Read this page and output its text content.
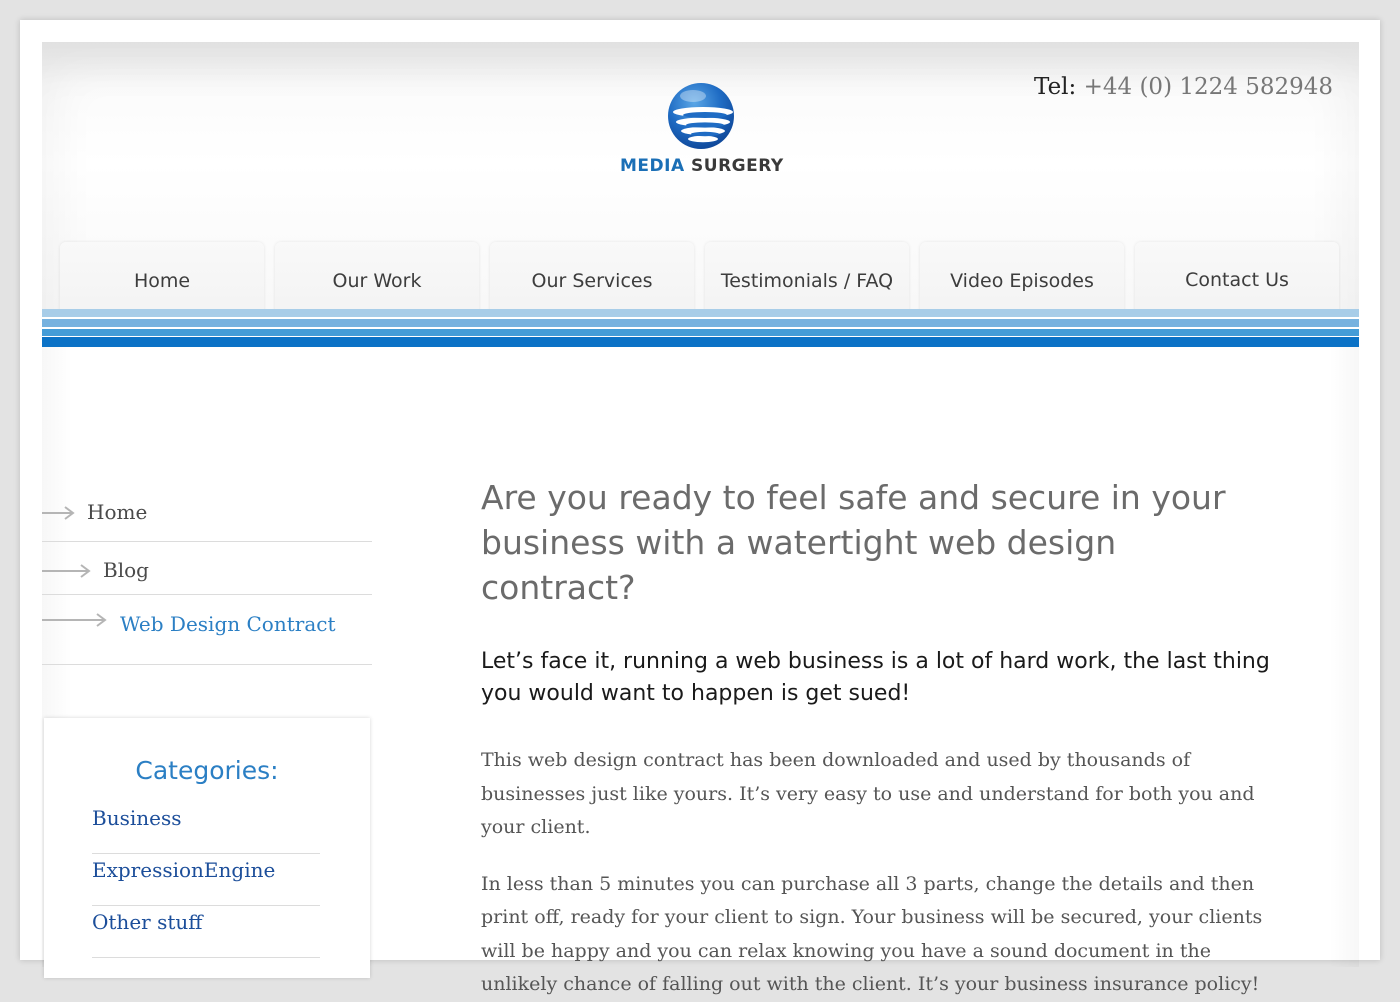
Tel: +44 (0) 1224 582948
MEDIA SURGERY
Home	Our Work	Our Services	Testimonials / FAQ	Video Episodes	Contact Us
Home
Blog
Web Design Contract
Categories:
Business
ExpressionEngine
Other stuff
Are you ready to feel safe and secure in your business with a watertight web design contract?

Let’s face it, running a web business is a lot of hard work, the last thing you would want to happen is get sued!

This web design contract has been downloaded and used by thousands of businesses just like yours. It’s very easy to use and understand for both you and your client.

In less than 5 minutes you can purchase all 3 parts, change the details and then print off, ready for your client to sign. Your business will be secured, your clients will be happy and you can relax knowing you have a sound document in the unlikely chance of falling out with the client. It’s your business insurance policy!
